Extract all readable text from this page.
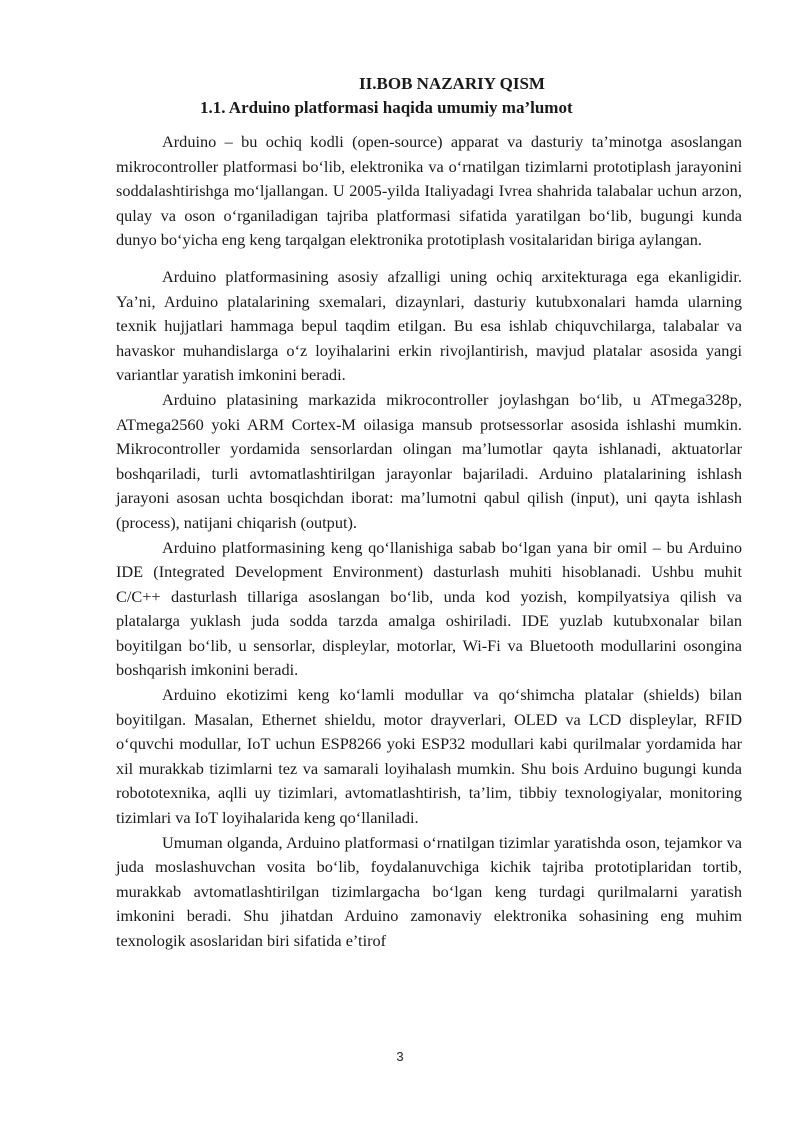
II.BOB NAZARIY QISM
1.1. Arduino platformasi haqida umumiy ma’lumot

Arduino – bu ochiq kodli (open-source) apparat va dasturiy ta’minotga asoslangan mikrocontroller platformasi bo‘lib, elektronika va o‘rnatilgan tizimlarni prototiplash jarayonini soddalashtirishga mo‘ljallangan. U 2005-yilda Italiyadagi Ivrea shahrida talabalar uchun arzon, qulay va oson o‘rganiladigan tajriba platformasi sifatida yaratilgan bo‘lib, bugungi kunda dunyo bo‘yicha eng keng tarqalgan elektronika prototiplash vositalaridan biriga aylangan.

Arduino platformasining asosiy afzalligi uning ochiq arxitekturaga ega ekanligidir. Ya’ni, Arduino platalarining sxemalari, dizaynlari, dasturiy kutubxonalari hamda ularning texnik hujjatlari hammaga bepul taqdim etilgan. Bu esa ishlab chiquvchilarga, talabalar va havaskor muhandislarga o‘z loyihalarini erkin rivojlantirish, mavjud platalar asosida yangi variantlar yaratish imkonini beradi.

Arduino platasining markazida mikrocontroller joylashgan bo‘lib, u ATmega328p, ATmega2560 yoki ARM Cortex-M oilasiga mansub protsessorlar asosida ishlashi mumkin. Mikrocontroller yordamida sensorlardan olingan ma’lumotlar qayta ishlanadi, aktuatorlar boshqariladi, turli avtomatlashtirilgan jarayonlar bajariladi. Arduino platalarining ishlash jarayoni asosan uchta bosqichdan iborat: ma’lumotni qabul qilish (input), uni qayta ishlash (process), natijani chiqarish (output).

Arduino platformasining keng qo‘llanishiga sabab bo‘lgan yana bir omil – bu Arduino IDE (Integrated Development Environment) dasturlash muhiti hisoblanadi. Ushbu muhit C/C++ dasturlash tillariga asoslangan bo‘lib, unda kod yozish, kompilyatsiya qilish va platalarga yuklash juda sodda tarzda amalga oshiriladi. IDE yuzlab kutubxonalar bilan boyitilgan bo‘lib, u sensorlar, displeylar, motorlar, Wi-Fi va Bluetooth modullarini osongina boshqarish imkonini beradi.

Arduino ekotizimi keng ko‘lamli modullar va qo‘shimcha platalar (shields) bilan boyitilgan. Masalan, Ethernet shieldu, motor drayverlari, OLED va LCD displeylar, RFID o‘quvchi modullar, IoT uchun ESP8266 yoki ESP32 modullari kabi qurilmalar yordamida har xil murakkab tizimlarni tez va samarali loyihalash mumkin. Shu bois Arduino bugungi kunda robototexnika, aqlli uy tizimlari, avtomatlashtirish, ta’lim, tibbiy texnologiyalar, monitoring tizimlari va IoT loyihalarida keng qo‘llaniladi.

Umuman olganda, Arduino platformasi o‘rnatilgan tizimlar yaratishda oson, tejamkor va juda moslashuvchan vosita bo‘lib, foydalanuvchiga kichik tajriba prototiplaridan tortib, murakkab avtomatlashtirilgan tizimlargacha bo‘lgan keng turdagi qurilmalarni yaratish imkonini beradi. Shu jihatdan Arduino zamonaviy elektronika sohasining eng muhim texnologik asoslaridan biri sifatida e’tirof

3
